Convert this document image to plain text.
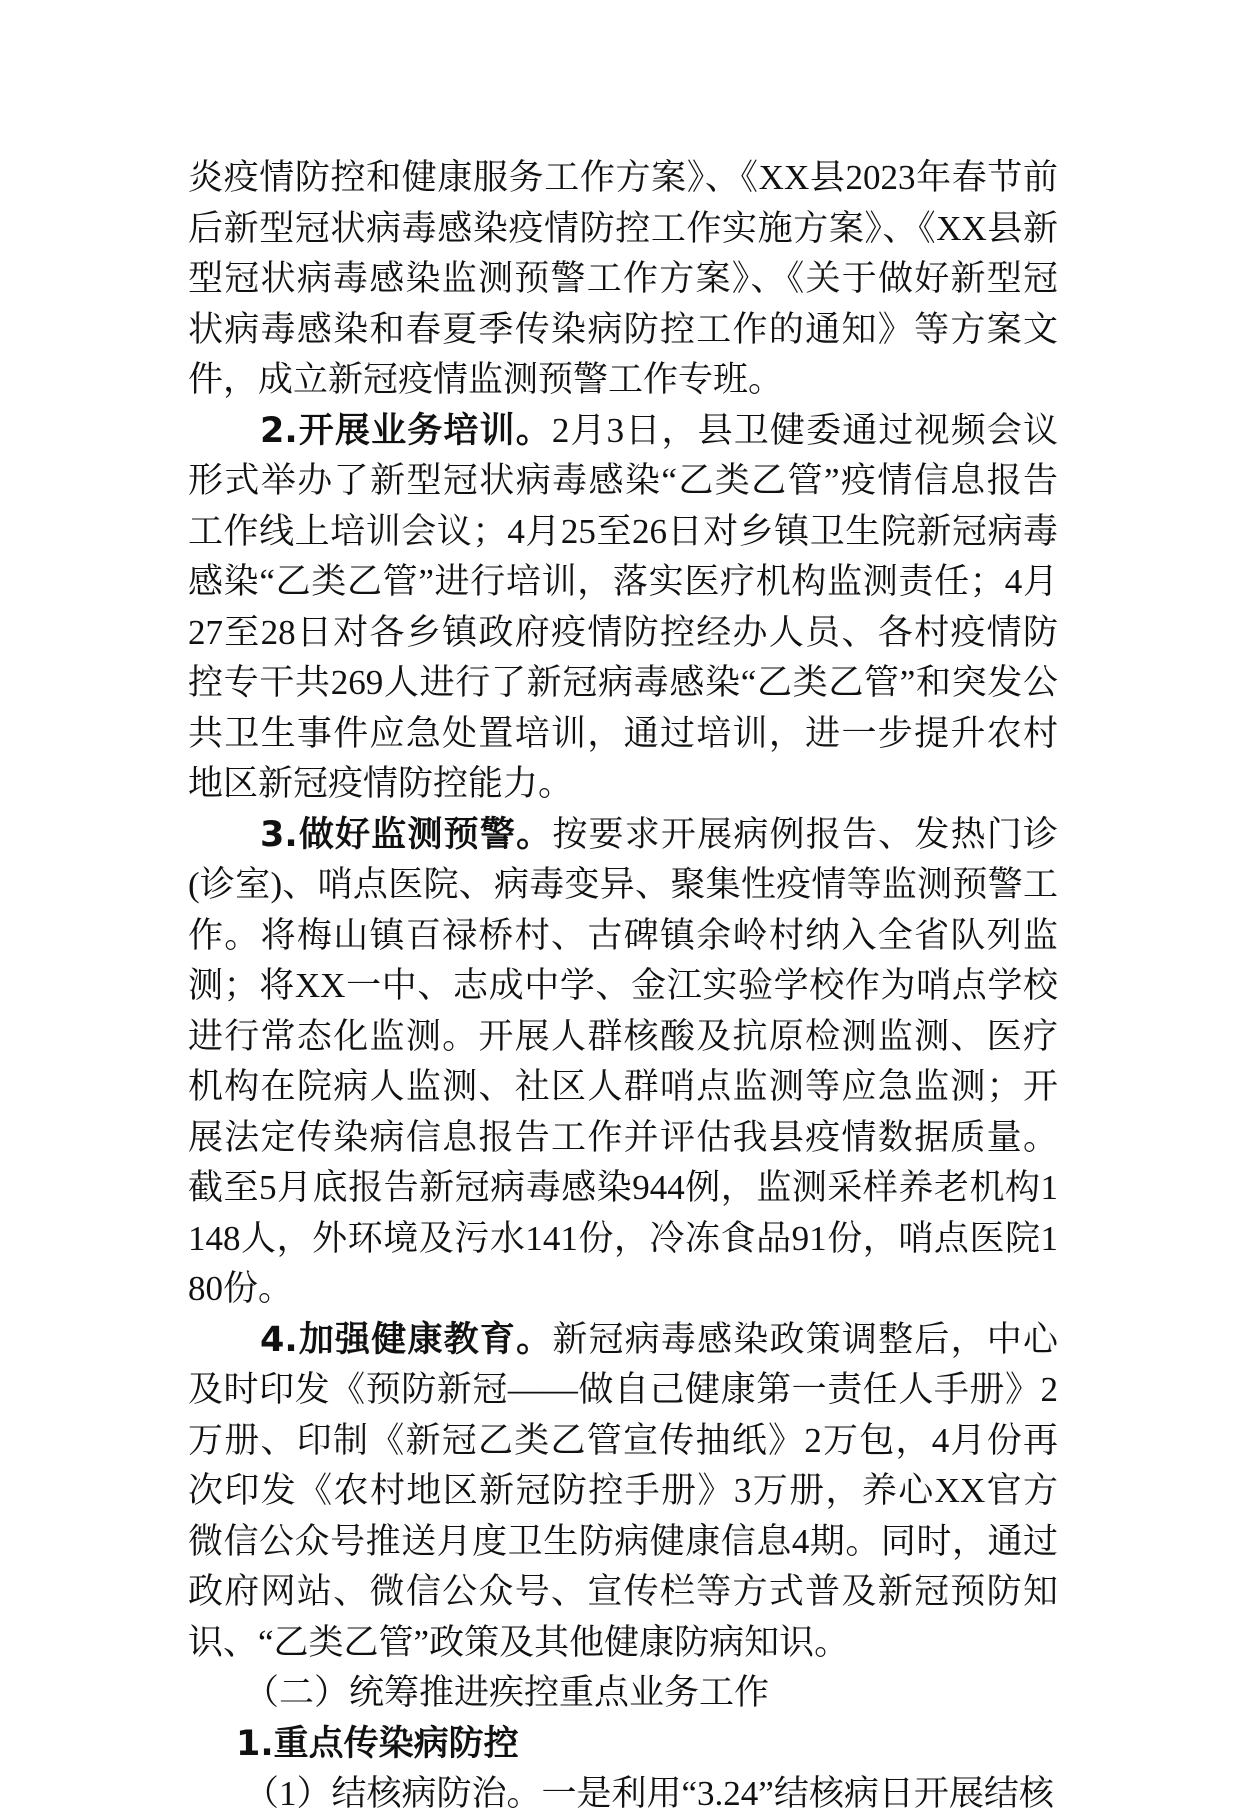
炎疫情防控和健康服务工作方案》、《XX县2023年春节前后新型冠状病毒感染疫情防控工作实施方案》、《XX县新型冠状病毒感染监测预警工作方案》、《关于做好新型冠状病毒感染和春夏季传染病防控工作的通知》等方案文件，成立新冠疫情监测预警工作专班。

2.开展业务培训。2月3日，县卫健委通过视频会议形式举办了新型冠状病毒感染“乙类乙管”疫情信息报告工作线上培训会议；4月25至26日对乡镇卫生院新冠病毒感染“乙类乙管”进行培训，落实医疗机构监测责任；4月27至28日对各乡镇政府疫情防控经办人员、各村疫情防控专干共269人进行了新冠病毒感染“乙类乙管”和突发公共卫生事件应急处置培训，通过培训，进一步提升农村地区新冠疫情防控能力。

3.做好监测预警。按要求开展病例报告、发热门诊(诊室)、哨点医院、病毒变异、聚集性疫情等监测预警工作。将梅山镇百禄桥村、古碑镇余岭村纳入全省队列监测；将XX一中、志成中学、金江实验学校作为哨点学校进行常态化监测。开展人群核酸及抗原检测监测、医疗机构在院病人监测、社区人群哨点监测等应急监测；开展法定传染病信息报告工作并评估我县疫情数据质量。截至5月底报告新冠病毒感染944例，监测采样养老机构1148人，外环境及污水141份，冷冻食品91份，哨点医院180份。

4.加强健康教育。新冠病毒感染政策调整后，中心及时印发《预防新冠——做自己健康第一责任人手册》2万册、印制《新冠乙类乙管宣传抽纸》2万包，4月份再次印发《农村地区新冠防控手册》3万册，养心XX官方微信公众号推送月度卫生防病健康信息4期。同时，通过政府网站、微信公众号、宣传栏等方式普及新冠预防知识、“乙类乙管”政策及其他健康防病知识。

（二）统筹推进疾控重点业务工作

1.重点传染病防控

（1）结核病防治。一是利用“3.24”结核病日开展结核
